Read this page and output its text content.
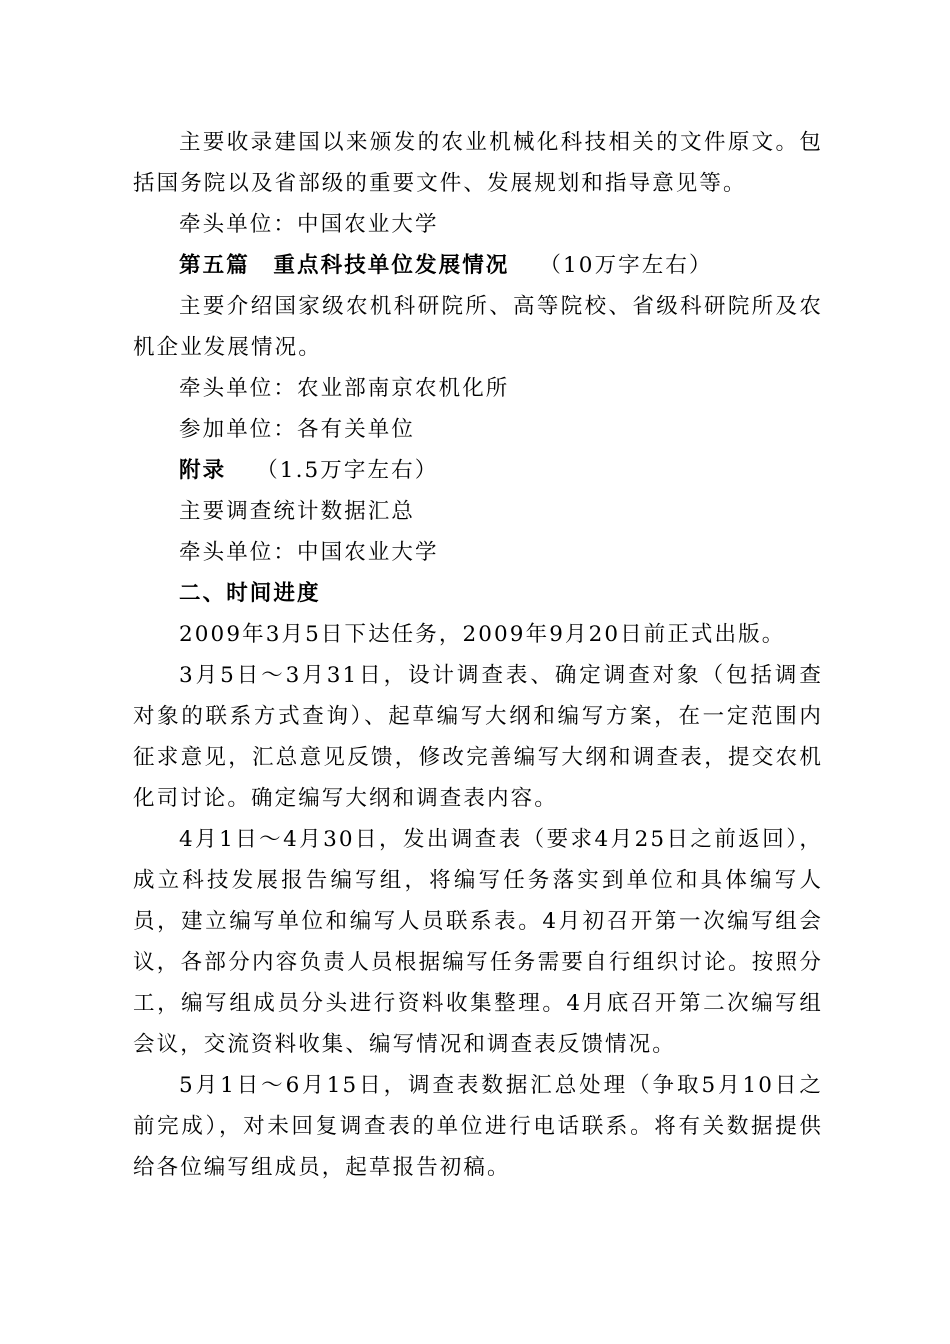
主要收录建国以来颁发的农业机械化科技相关的文件原文。包括国务院以及省部级的重要文件、发展规划和指导意见等。

牵头单位：中国农业大学

第五篇　重点科技单位发展情况 （10万字左右）

主要介绍国家级农机科研院所、高等院校、省级科研院所及农机企业发展情况。

牵头单位：农业部南京农机化所

参加单位：各有关单位

附录 （1.5万字左右）

主要调查统计数据汇总

牵头单位：中国农业大学

二、时间进度

2009年3月5日下达任务，2009年9月20日前正式出版。

3月5日～3月31日，设计调查表、确定调查对象（包括调查对象的联系方式查询）、起草编写大纲和编写方案，在一定范围内征求意见，汇总意见反馈，修改完善编写大纲和调查表，提交农机化司讨论。确定编写大纲和调查表内容。

4月1日～4月30日，发出调查表（要求4月25日之前返回），成立科技发展报告编写组，将编写任务落实到单位和具体编写人员，建立编写单位和编写人员联系表。4月初召开第一次编写组会议，各部分内容负责人员根据编写任务需要自行组织讨论。按照分工，编写组成员分头进行资料收集整理。4月底召开第二次编写组会议，交流资料收集、编写情况和调查表反馈情况。

5月1日～6月15日，调查表数据汇总处理（争取5月10日之前完成），对未回复调查表的单位进行电话联系。将有关数据提供给各位编写组成员，起草报告初稿。
